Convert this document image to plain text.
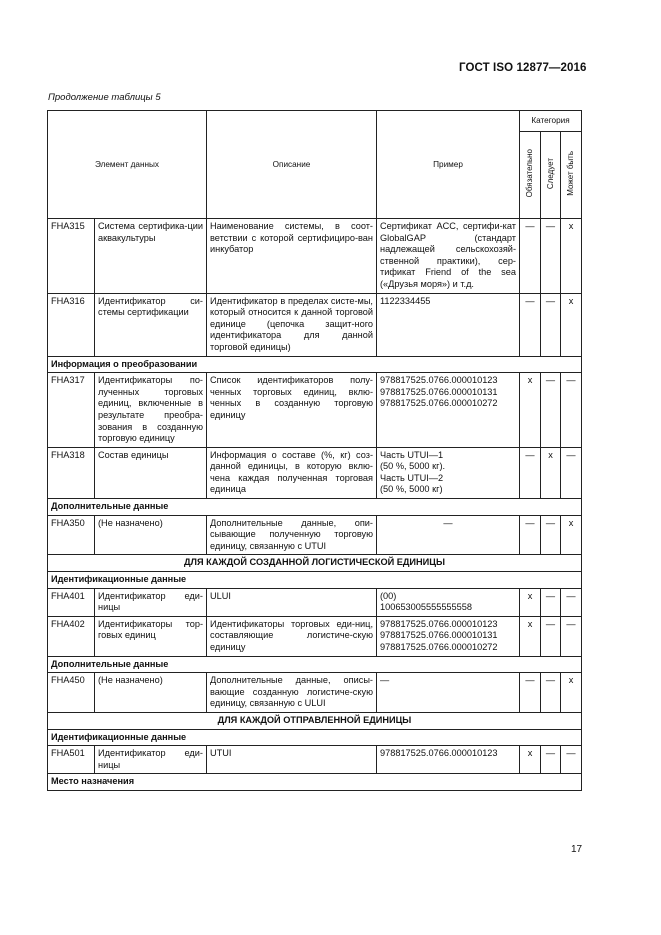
ГОСТ ISO 12877—2016
Продолжение таблицы 5
Элемент данных		Описание	Пример	Категория		
				Обязательно	Следует	Может быть
FHA315	Система сертифика-ции аквакультуры	Наименование системы, в соот-ветствии с которой сертифициро-ван инкубатор	Сертификат ACC, сертифи-кат GlobalGAP (стандарт надлежащей сельскохозяй-ственной практики), сер-тификат Friend of the sea («Друзья моря») и т.д.	—	—	x
FHA316	Идентификатор си-стемы сертификации	Идентификатор в пределах систе-мы, который относится к данной торговой единице (цепочка защит-ного идентификатора для данной торговой единицы)	1122334455	—	—	x
Информация о преобразовании						
FHA317	Идентификаторы по-лученных торговых единиц, включенные в результате преобра-зования в созданную торговую единицу	Список идентификаторов полу-ченных торговых единиц, вклю-ченных в созданную торговую единицу	978817525.0766.000010123
978817525.0766.000010131
978817525.0766.000010272	x	—	—
FHA318	Состав единицы	Информация о составе (%, кг) соз-данной единицы, в которую вклю-чена каждая полученная торговая единица	Часть UTUI—1
(50 %, 5000 кг).
Часть UTUI—2
(50 %, 5000 кг)	—	x	—
Дополнительные данные						
FHA350	(Не назначено)	Дополнительные данные, опи-сывающие полученную торговую единицу, связанную с UTUI	—	—	—	x
ДЛЯ КАЖДОЙ СОЗДАННОЙ ЛОГИСТИЧЕСКОЙ ЕДИНИЦЫ						
Идентификационные данные						
FHA401	Идентификатор еди-ницы	ULUI	(00)
100653005555555558	x	—	—
FHA402	Идентификаторы тор-говых единиц	Идентификаторы торговых еди-ниц, составляющие логистиче-скую единицу	978817525.0766.000010123
978817525.0766.000010131
978817525.0766.000010272	x	—	—
Дополнительные данные						
FHA450	(Не назначено)	Дополнительные данные, описы-вающие созданную логистиче-скую единицу, связанную с ULUI	—	—	—	x
ДЛЯ КАЖДОЙ ОТПРАВЛЕННОЙ ЕДИНИЦЫ						
Идентификационные данные						
FHA501	Идентификатор еди-ницы	UTUI	978817525.0766.000010123	x	—	—
Место назначения						
17
